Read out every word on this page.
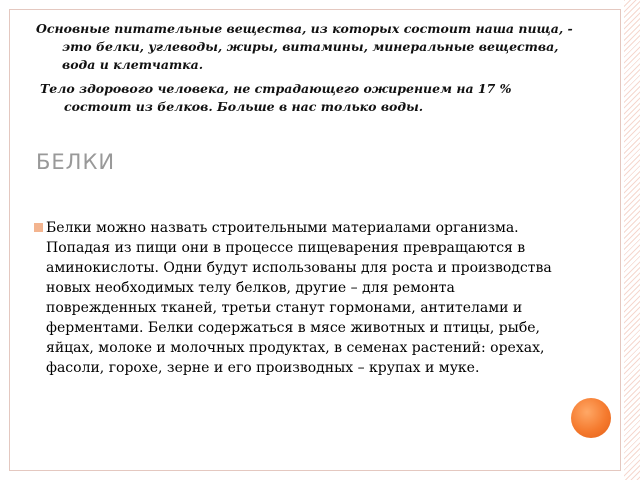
Основные питательные вещества, из которых состоит наша пища, - это белки, углеводы, жиры, витамины, минеральные вещества, вода и клетчатка.

Тело здорового человека, не страдающего ожирением на 17 % состоит из белков. Больше в нас только воды.

БЕЛКИ

Белки можно назвать строительными материалами организма. Попадая из пищи они в процессе пищеварения превращаются в аминокислоты. Одни будут использованы для роста и производства новых необходимых телу белков, другие – для ремонта поврежденных тканей, третьи станут гормонами, антителами и ферментами. Белки содержаться в мясе животных и птицы, рыбе, яйцах, молоке и молочных продуктах, в семенах растений: орехах, фасоли, горохе, зерне и его производных – крупах и муке.
